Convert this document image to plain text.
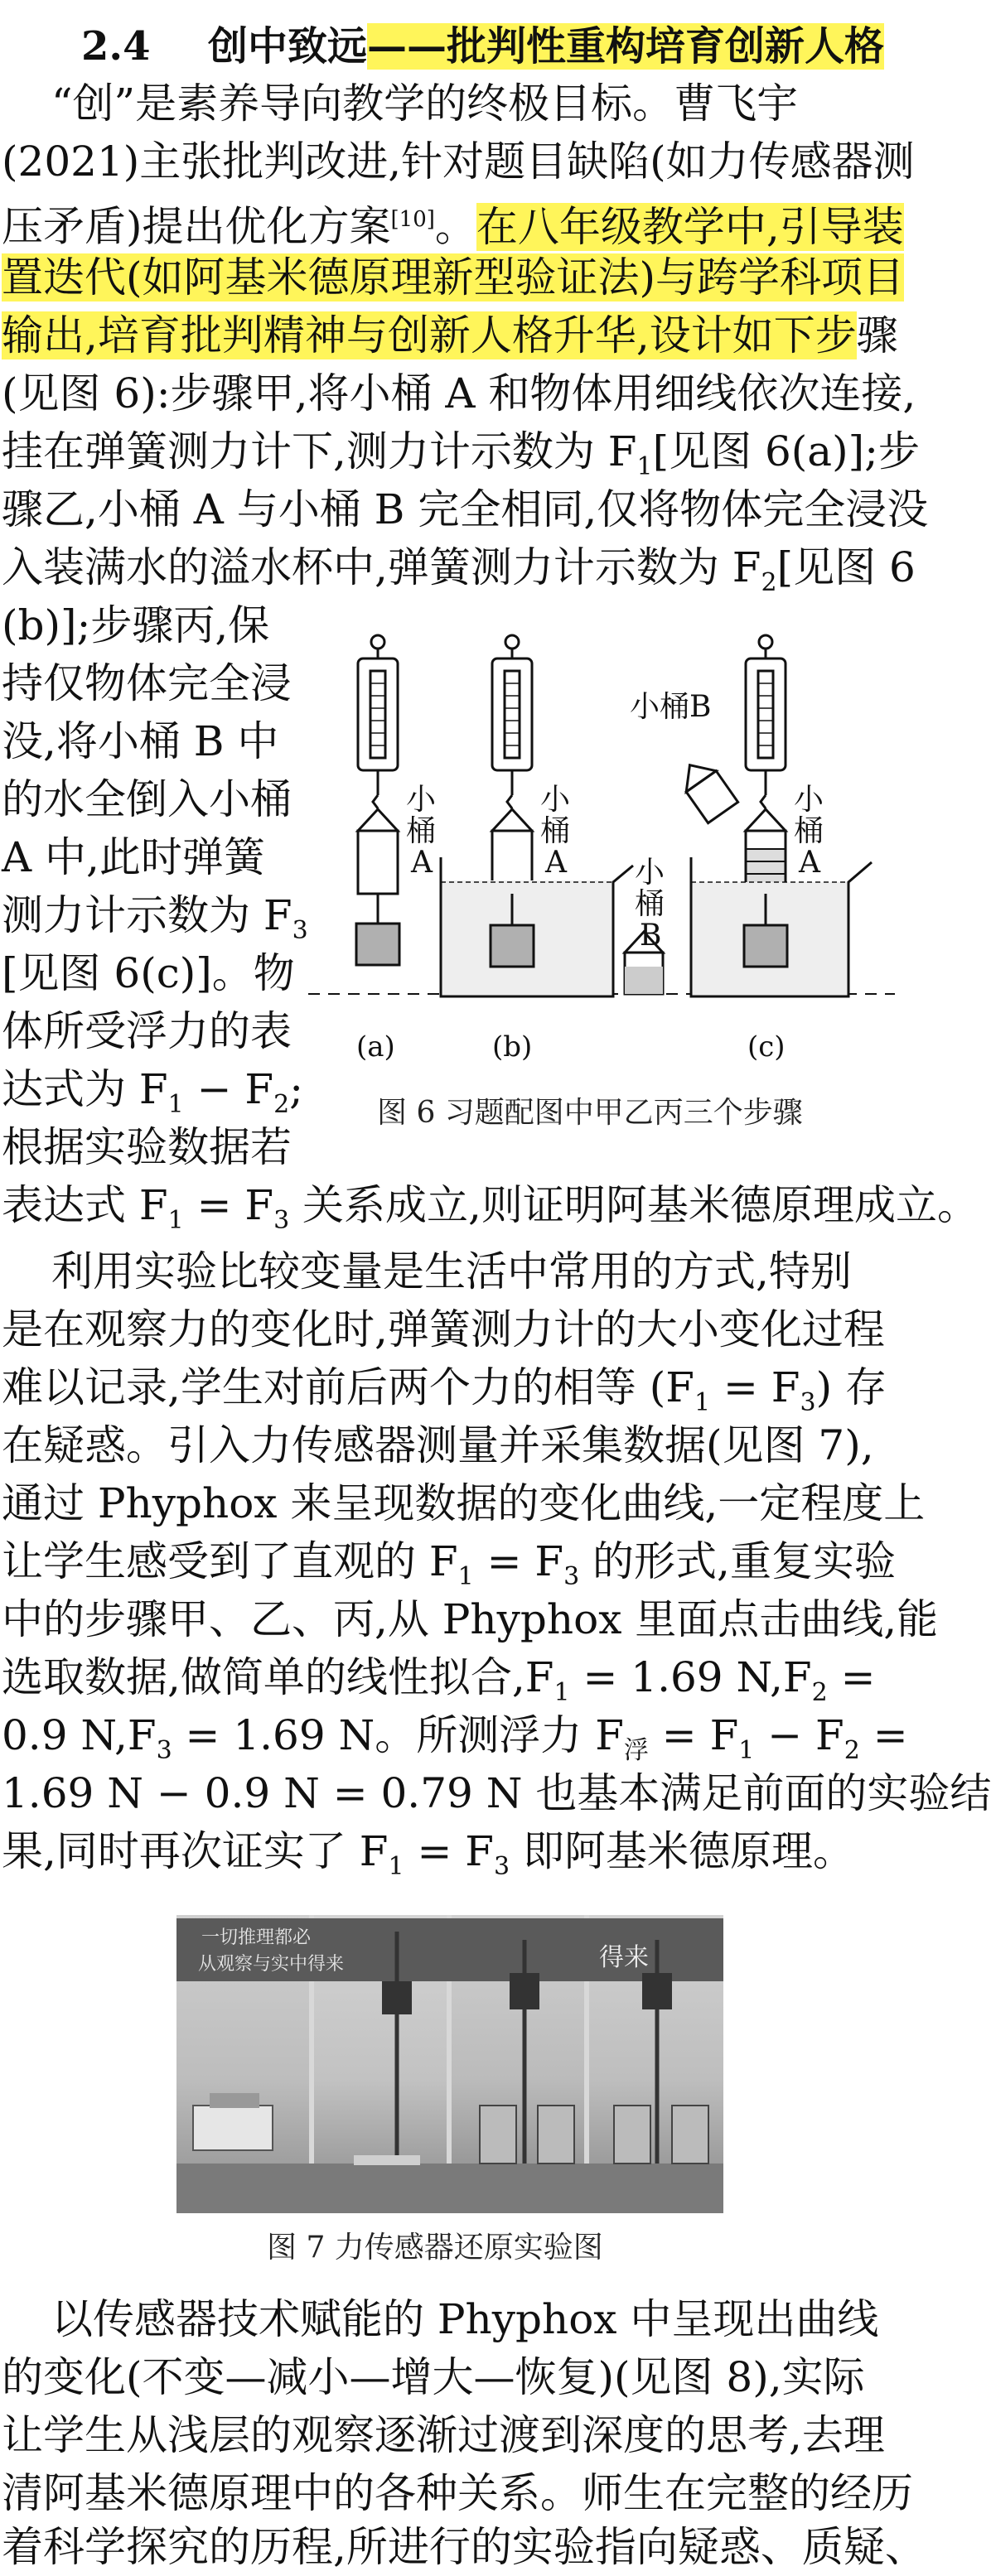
2.4 创中致远——批判性重构培育创新人格
“创”是素养导向教学的终极目标。曹飞宇
(2021)主张批判改进,针对题目缺陷(如力传感器测
压矛盾)提出优化方案[10]。在八年级教学中,引导装
置迭代(如阿基米德原理新型验证法)与跨学科项目
输出,培育批判精神与创新人格升华,设计如下步骤
(见图 6):步骤甲,将小桶 A 和物体用细线依次连接,
挂在弹簧测力计下,测力计示数为 $F_1$[见图 6(a)];步
骤乙,小桶 A 与小桶 B 完全相同,仅将物体完全浸没
入装满水的溢水杯中,弹簧测力计示数为 $F_2$[见图 6
(b)];步骤丙,保
持仅物体完全浸
没,将小桶 B 中
的水全倒入小桶
A 中,此时弹簧
测力计示数为 $F_3$
[见图 6(c)]。物
体所受浮力的表
达式为 $F_1 - F_2$;
根据实验数据若
表达式 $F_1 = F_3$ 关系成立,则证明阿基米德原理成立。
小
桶
A
小
桶
A 小
桶
B
小
桶
A
小桶B
(a)	(b)	(c)
图 6 习题配图中甲乙丙三个步骤
利用实验比较变量是生活中常用的方式,特别
是在观察力的变化时,弹簧测力计的大小变化过程
难以记录,学生对前后两个力的相等 $(F_1 = F_3)$ 存
在疑惑。引入力传感器测量并采集数据(见图 7),
通过 Phyphox 来呈现数据的变化曲线,一定程度上
让学生感受到了直观的 $F_1 = F_3$ 的形式,重复实验
中的步骤甲、乙、丙,从 Phyphox 里面点击曲线,能
选取数据,做简单的线性拟合$,F_1 = 1.69$ $N,F_2$ =
0.9 $N,F_3 = 1.69$ N。所测浮力 $F_浮 = F_1 - F_2$ =
1.69 N − 0.9 N = 0.79 N 也基本满足前面的实验结
果,同时再次证实了 $F_1 = F_3$ 即阿基米德原理。
一切推理都必
从观察与实中得来	得来
图 7 力传感器还原实验图
以传感器技术赋能的 Phyphox 中呈现出曲线
的变化(不变—减小—增大—恢复)(见图 8),实际
让学生从浅层的观察逐渐过渡到深度的思考,去理
清阿基米德原理中的各种关系。师生在完整的经历
着科学探究的历程,所进行的实验指向疑惑、质疑、
